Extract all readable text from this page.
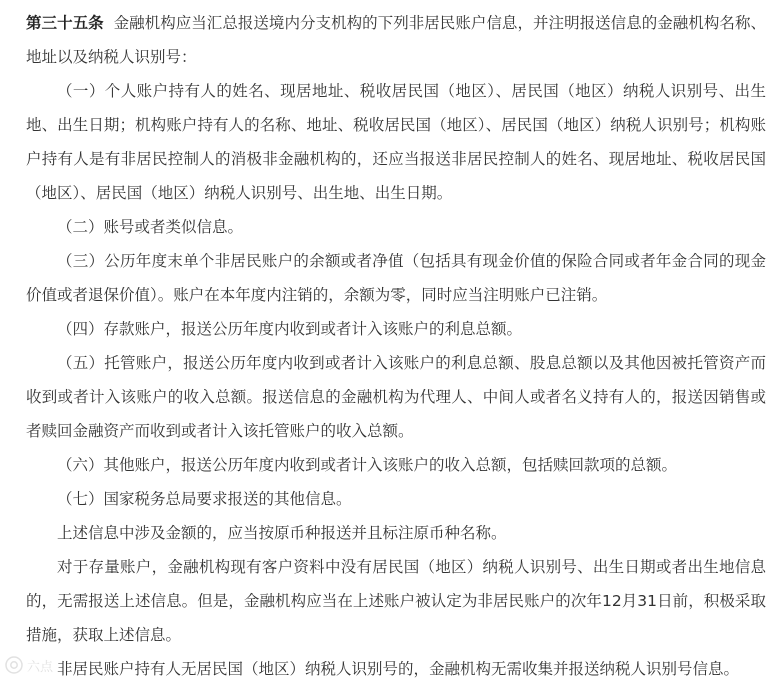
第三十五条 金融机构应当汇总报送境内分支机构的下列非居民账户信息，并注明报送信息的金融机构名称、地址以及纳税人识别号：

（一）个人账户持有人的姓名、现居地址、税收居民国（地区）、居民国（地区）纳税人识别号、出生地、出生日期；机构账户持有人的名称、地址、税收居民国（地区）、居民国（地区）纳税人识别号；机构账户持有人是有非居民控制人的消极非金融机构的，还应当报送非居民控制人的姓名、现居地址、税收居民国（地区）、居民国（地区）纳税人识别号、出生地、出生日期。

（二）账号或者类似信息。

（三）公历年度末单个非居民账户的余额或者净值（包括具有现金价值的保险合同或者年金合同的现金价值或者退保价值）。账户在本年度内注销的，余额为零，同时应当注明账户已注销。

（四）存款账户，报送公历年度内收到或者计入该账户的利息总额。

（五）托管账户，报送公历年度内收到或者计入该账户的利息总额、股息总额以及其他因被托管资产而收到或者计入该账户的收入总额。报送信息的金融机构为代理人、中间人或者名义持有人的，报送因销售或者赎回金融资产而收到或者计入该托管账户的收入总额。

（六）其他账户，报送公历年度内收到或者计入该账户的收入总额，包括赎回款项的总额。

（七）国家税务总局要求报送的其他信息。

上述信息中涉及金额的，应当按原币种报送并且标注原币种名称。

对于存量账户，金融机构现有客户资料中没有居民国（地区）纳税人识别号、出生日期或者出生地信息的，无需报送上述信息。但是，金融机构应当在上述账户被认定为非居民账户的次年12月31日前，积极采取措施，获取上述信息。

非居民账户持有人无居民国（地区）纳税人识别号的，金融机构无需收集并报送纳税人识别号信息。

六点
